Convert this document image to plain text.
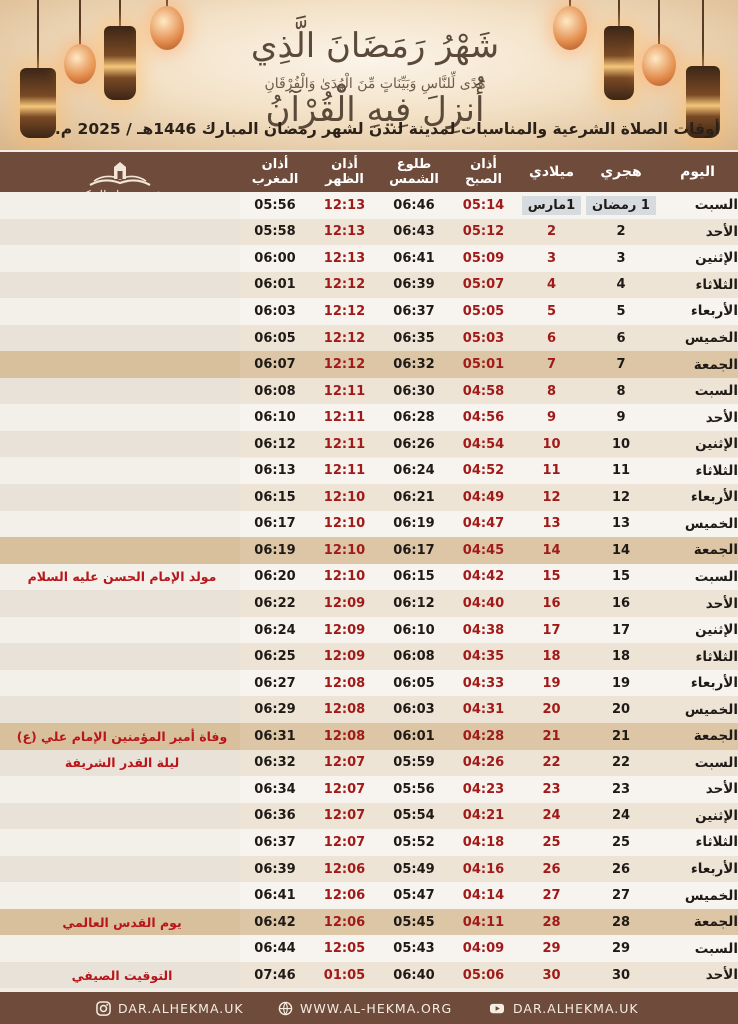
شَهْرُ رَمَضَانَ الَّذِي أُنزِلَ فِيهِ الْقُرْآنُ
هُدًى لِّلنَّاسِ وَبَيِّنَاتٍ مِّنَ الْهُدَىٰ وَالْفُرْقَانِ
أوقات الصلاة الشرعية والمناسبات لمدينة لندن لشهر رمضان المبارك 1446هـ / 2025 م.
اليوم
هجري
ميلادي
أذان
الصبح
طلوع
الشمس
أذان
الظهر
أذان
المغرب
السبت
1 رمضان
1مارس
05:14
06:46
12:13
05:56
الأحد
2
2
05:12
06:43
12:13
05:58
الإثنين
3
3
05:09
06:41
12:13
06:00
الثلاثاء
4
4
05:07
06:39
12:12
06:01
الأربعاء
5
5
05:05
06:37
12:12
06:03
الخميس
6
6
05:03
06:35
12:12
06:05
الجمعة
7
7
05:01
06:32
12:12
06:07
السبت
8
8
04:58
06:30
12:11
06:08
الأحد
9
9
04:56
06:28
12:11
06:10
الإثنين
10
10
04:54
06:26
12:11
06:12
الثلاثاء
11
11
04:52
06:24
12:11
06:13
الأربعاء
12
12
04:49
06:21
12:10
06:15
الخميس
13
13
04:47
06:19
12:10
06:17
الجمعة
14
14
04:45
06:17
12:10
06:19
السبت
15
15
04:42
06:15
12:10
06:20
مولد الإمام الحسن عليه السلام
الأحد
16
16
04:40
06:12
12:09
06:22
الإثنين
17
17
04:38
06:10
12:09
06:24
الثلاثاء
18
18
04:35
06:08
12:09
06:25
الأربعاء
19
19
04:33
06:05
12:08
06:27
الخميس
20
20
04:31
06:03
12:08
06:29
الجمعة
21
21
04:28
06:01
12:08
06:31
وفاة أمير المؤمنين الإمام علي (ع)
السبت
22
22
04:26
05:59
12:07
06:32
ليلة القدر الشريفة
الأحد
23
23
04:23
05:56
12:07
06:34
الإثنين
24
24
04:21
05:54
12:07
06:36
الثلاثاء
25
25
04:18
05:52
12:07
06:37
الأربعاء
26
26
04:16
05:49
12:06
06:39
الخميس
27
27
04:14
05:47
12:06
06:41
الجمعة
28
28
04:11
05:45
12:06
06:42
يوم القدس العالمي
السبت
29
29
04:09
05:43
12:05
06:44
الأحد
30
30
05:06
06:40
01:05
07:46
التوقيت الصيفي
DAR.ALHEKMA.UK	WWW.AL-HEKMA.ORG	DAR.ALHEKMA.UK
